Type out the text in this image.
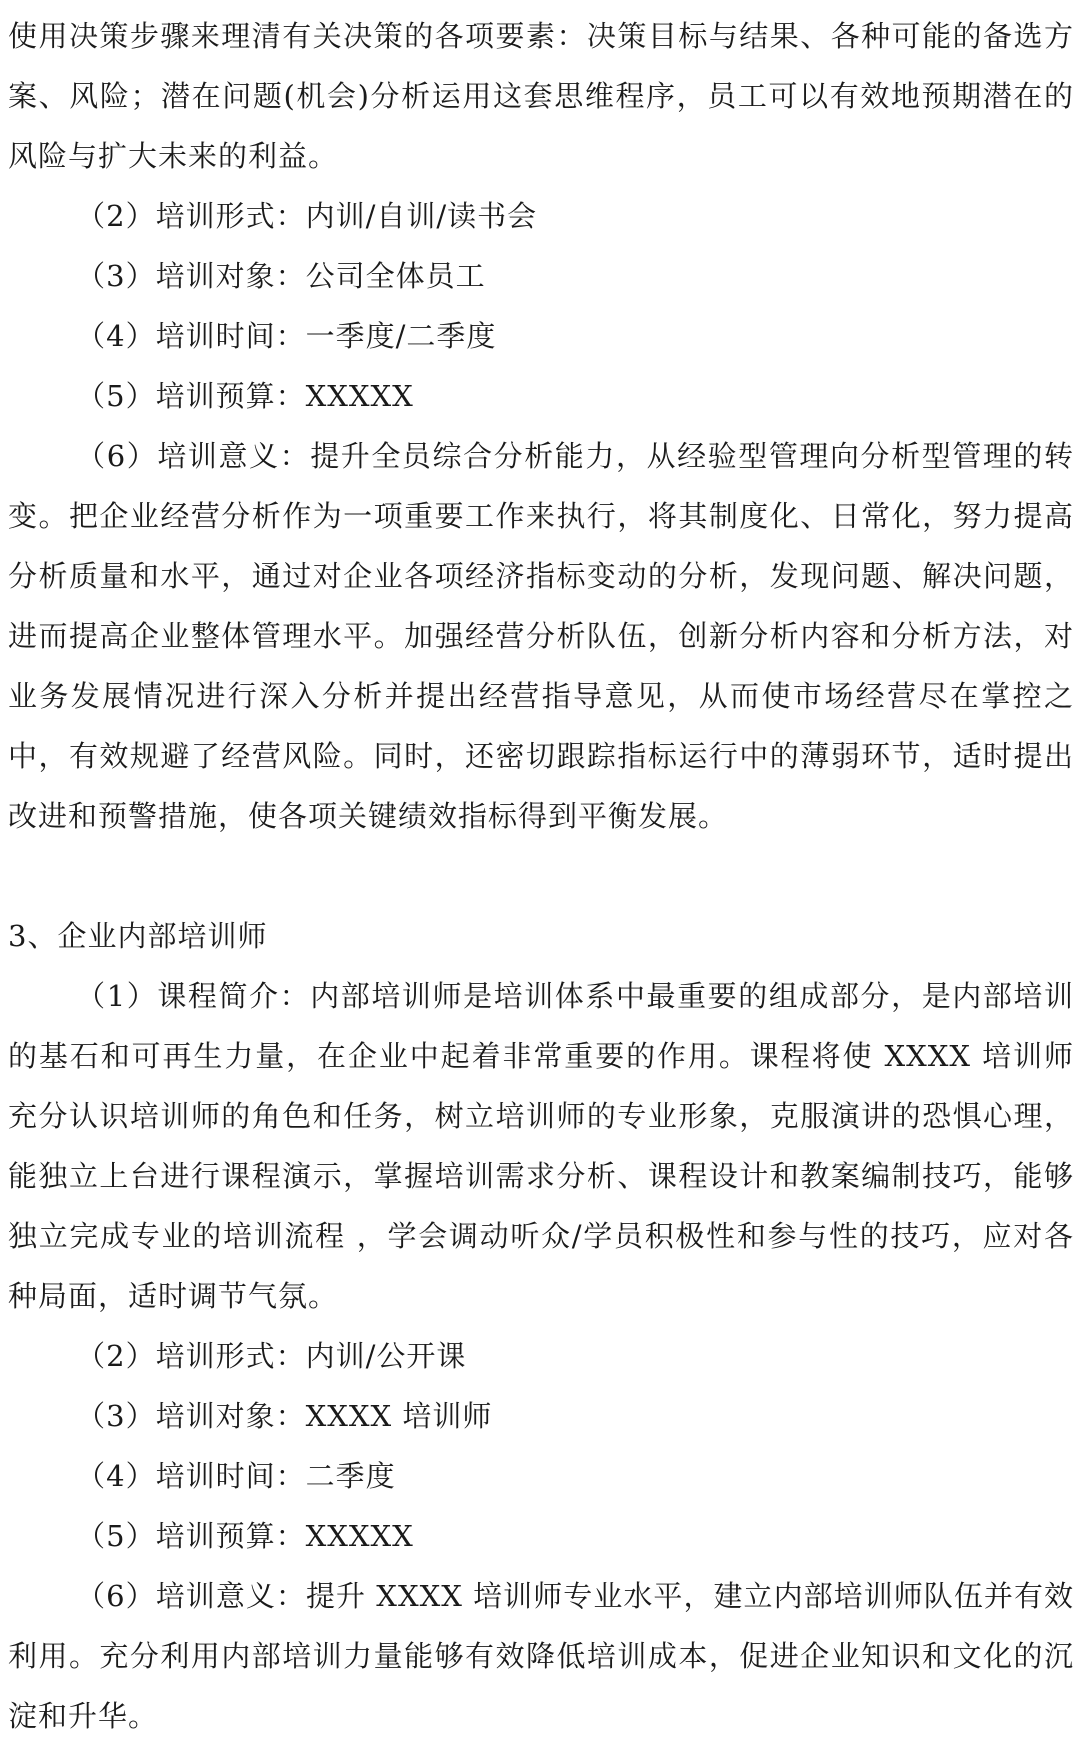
使用决策步骤来理清有关决策的各项要素：决策目标与结果、各种可能的备选方案、风险；潜在问题(机会)分析运用这套思维程序，员工可以有效地预期潜在的风险与扩大未来的利益。

（2）培训形式：内训/自训/读书会

（3）培训对象：公司全体员工

（4）培训时间：一季度/二季度

（5）培训预算：XXXXX

（6）培训意义：提升全员综合分析能力，从经验型管理向分析型管理的转变。把企业经营分析作为一项重要工作来执行，将其制度化、日常化，努力提高分析质量和水平，通过对企业各项经济指标变动的分析，发现问题、解决问题，进而提高企业整体管理水平。加强经营分析队伍，创新分析内容和分析方法，对业务发展情况进行深入分析并提出经营指导意见，从而使市场经营尽在掌控之中，有效规避了经营风险。同时，还密切跟踪指标运行中的薄弱环节，适时提出改进和预警措施，使各项关键绩效指标得到平衡发展。

3、企业内部培训师

（1）课程简介：内部培训师是培训体系中最重要的组成部分，是内部培训的基石和可再生力量，在企业中起着非常重要的作用。课程将使 XXXX 培训师充分认识培训师的角色和任务，树立培训师的专业形象，克服演讲的恐惧心理，能独立上台进行课程演示，掌握培训需求分析、课程设计和教案编制技巧，能够独立完成专业的培训流程 ，学会调动听众/学员积极性和参与性的技巧，应对各种局面，适时调节气氛。

（2）培训形式：内训/公开课

（3）培训对象：XXXX 培训师

（4）培训时间：二季度

（5）培训预算：XXXXX

（6）培训意义：提升 XXXX 培训师专业水平，建立内部培训师队伍并有效利用。充分利用内部培训力量能够有效降低培训成本，促进企业知识和文化的沉淀和升华。
